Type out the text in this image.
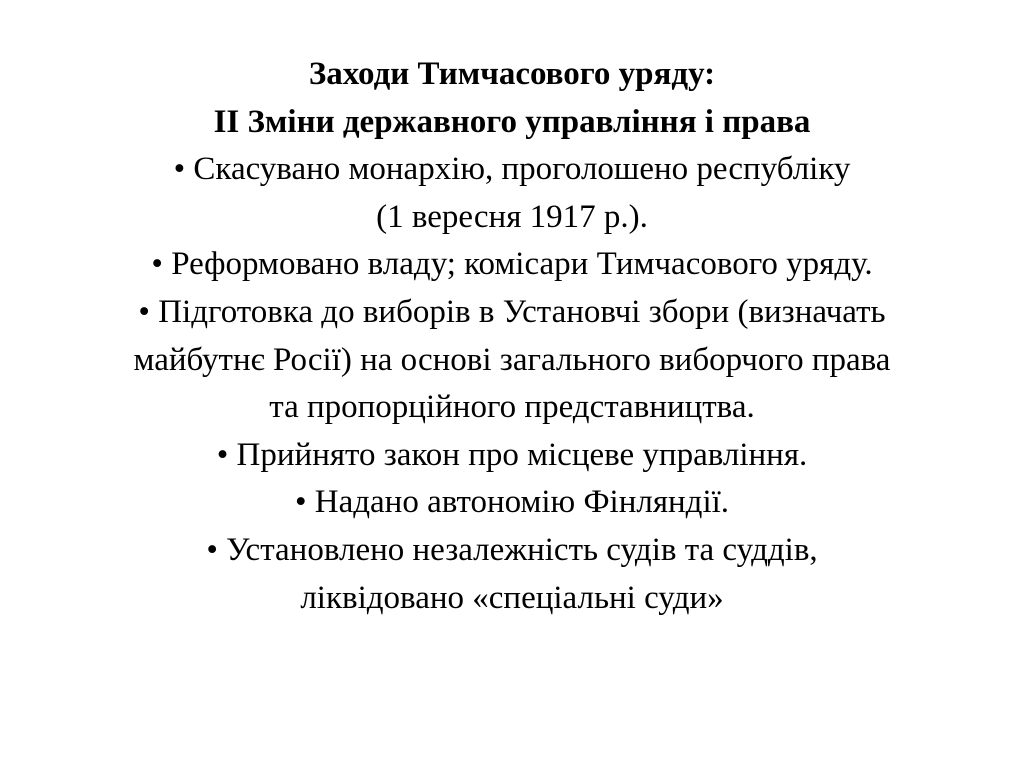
Заходи Тимчасового уряду:
II Зміни державного управління і права
• Скасувано монархію, проголошено республіку
(1 вересня 1917 р.).
• Реформовано владу; комісари Тимчасового уряду.
• Підготовка до виборів в Установчі збори (визначать
майбутнє Росії) на основі загального виборчого права
та пропорційного представництва.
• Прийнято закон про місцеве управління.
• Надано автономію Фінляндії.
• Установлено незалежність судів та суддів,
ліквідовано «спеціальні суди»
